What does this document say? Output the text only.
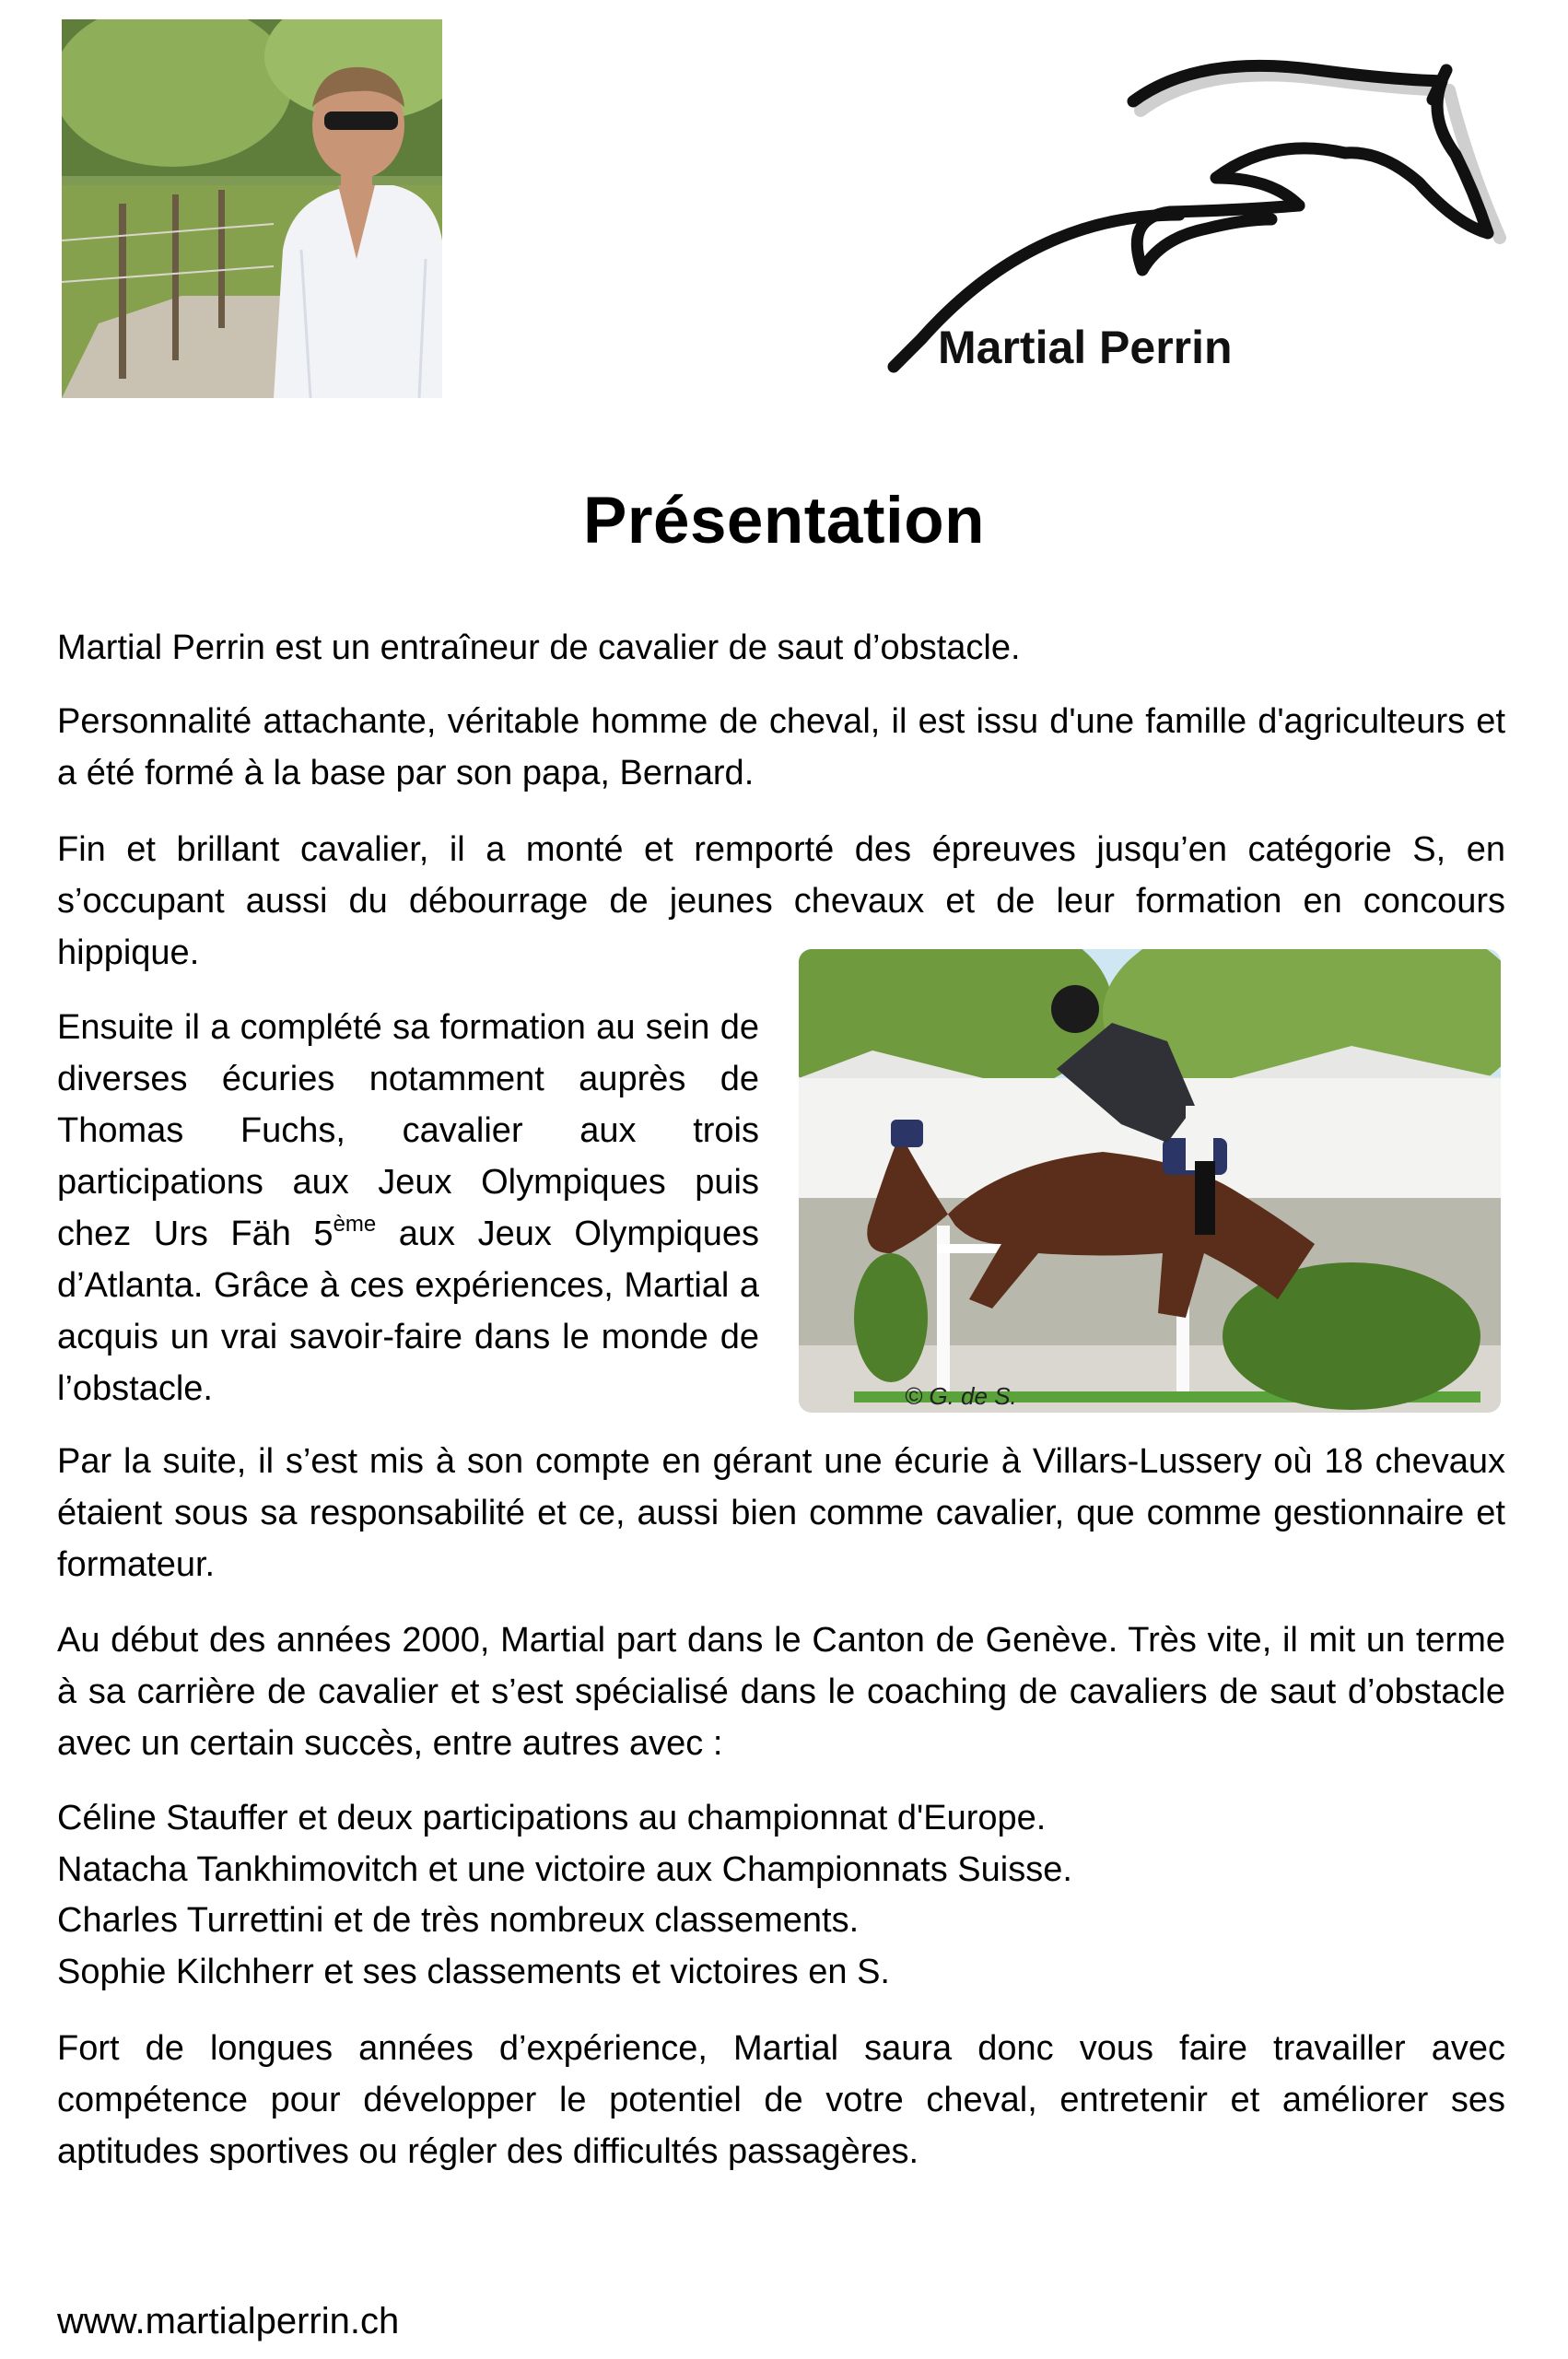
Martial Perrin
Présentation
Martial Perrin est un entraîneur de cavalier de saut d’obstacle.
Personnalité attachante, véritable homme de cheval, il est issu d'une famille d'agriculteurs et a été formé à la base par son papa, Bernard.
Fin et brillant cavalier, il a monté et remporté des épreuves jusqu’en catégorie S, en s’occupant aussi du débourrage de jeunes chevaux et de leur formation en concours hippique.
Ensuite il a complété sa formation au sein de diverses écuries notamment auprès de Thomas Fuchs, cavalier aux trois participations aux Jeux Olympiques puis chez Urs Fäh 5ème aux Jeux Olympiques d’Atlanta. Grâce à ces expériences, Martial a acquis un vrai savoir-faire dans le monde de l’obstacle.	© G. de S.
Par la suite, il s’est mis à son compte en gérant une écurie à Villars-Lussery où 18 chevaux étaient sous sa responsabilité et ce, aussi bien comme cavalier, que comme gestionnaire et formateur.
Au début des années 2000, Martial part dans le Canton de Genève. Très vite, il mit un terme à sa carrière de cavalier et s’est spécialisé dans le coaching de cavaliers de saut d’obstacle avec un certain succès, entre autres avec :
Céline Stauffer et deux participations au championnat d'Europe.
Natacha Tankhimovitch et une victoire aux Championnats Suisse.
Charles Turrettini et de très nombreux classements.
Sophie Kilchherr et ses classements et victoires en S.
Fort de longues années d’expérience, Martial saura donc vous faire travailler avec compétence pour développer le potentiel de votre cheval, entretenir et améliorer ses aptitudes sportives ou régler des difficultés passagères.
www.martialperrin.ch
